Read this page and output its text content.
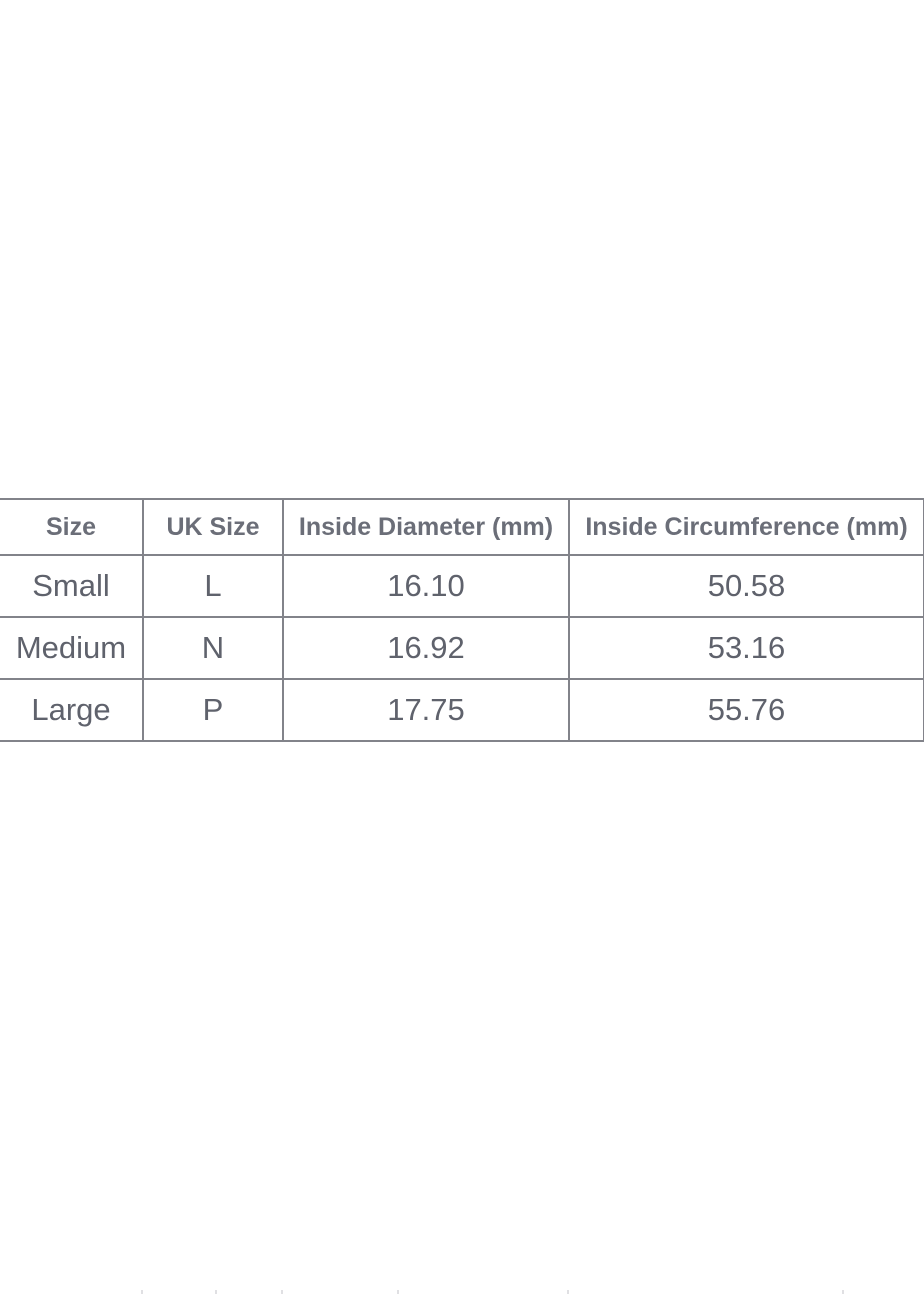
Size	UK Size	Inside Diameter (mm)	Inside Circumference (mm)
Small	L	16.10	50.58
Medium	N	16.92	53.16
Large	P	17.75	55.76
